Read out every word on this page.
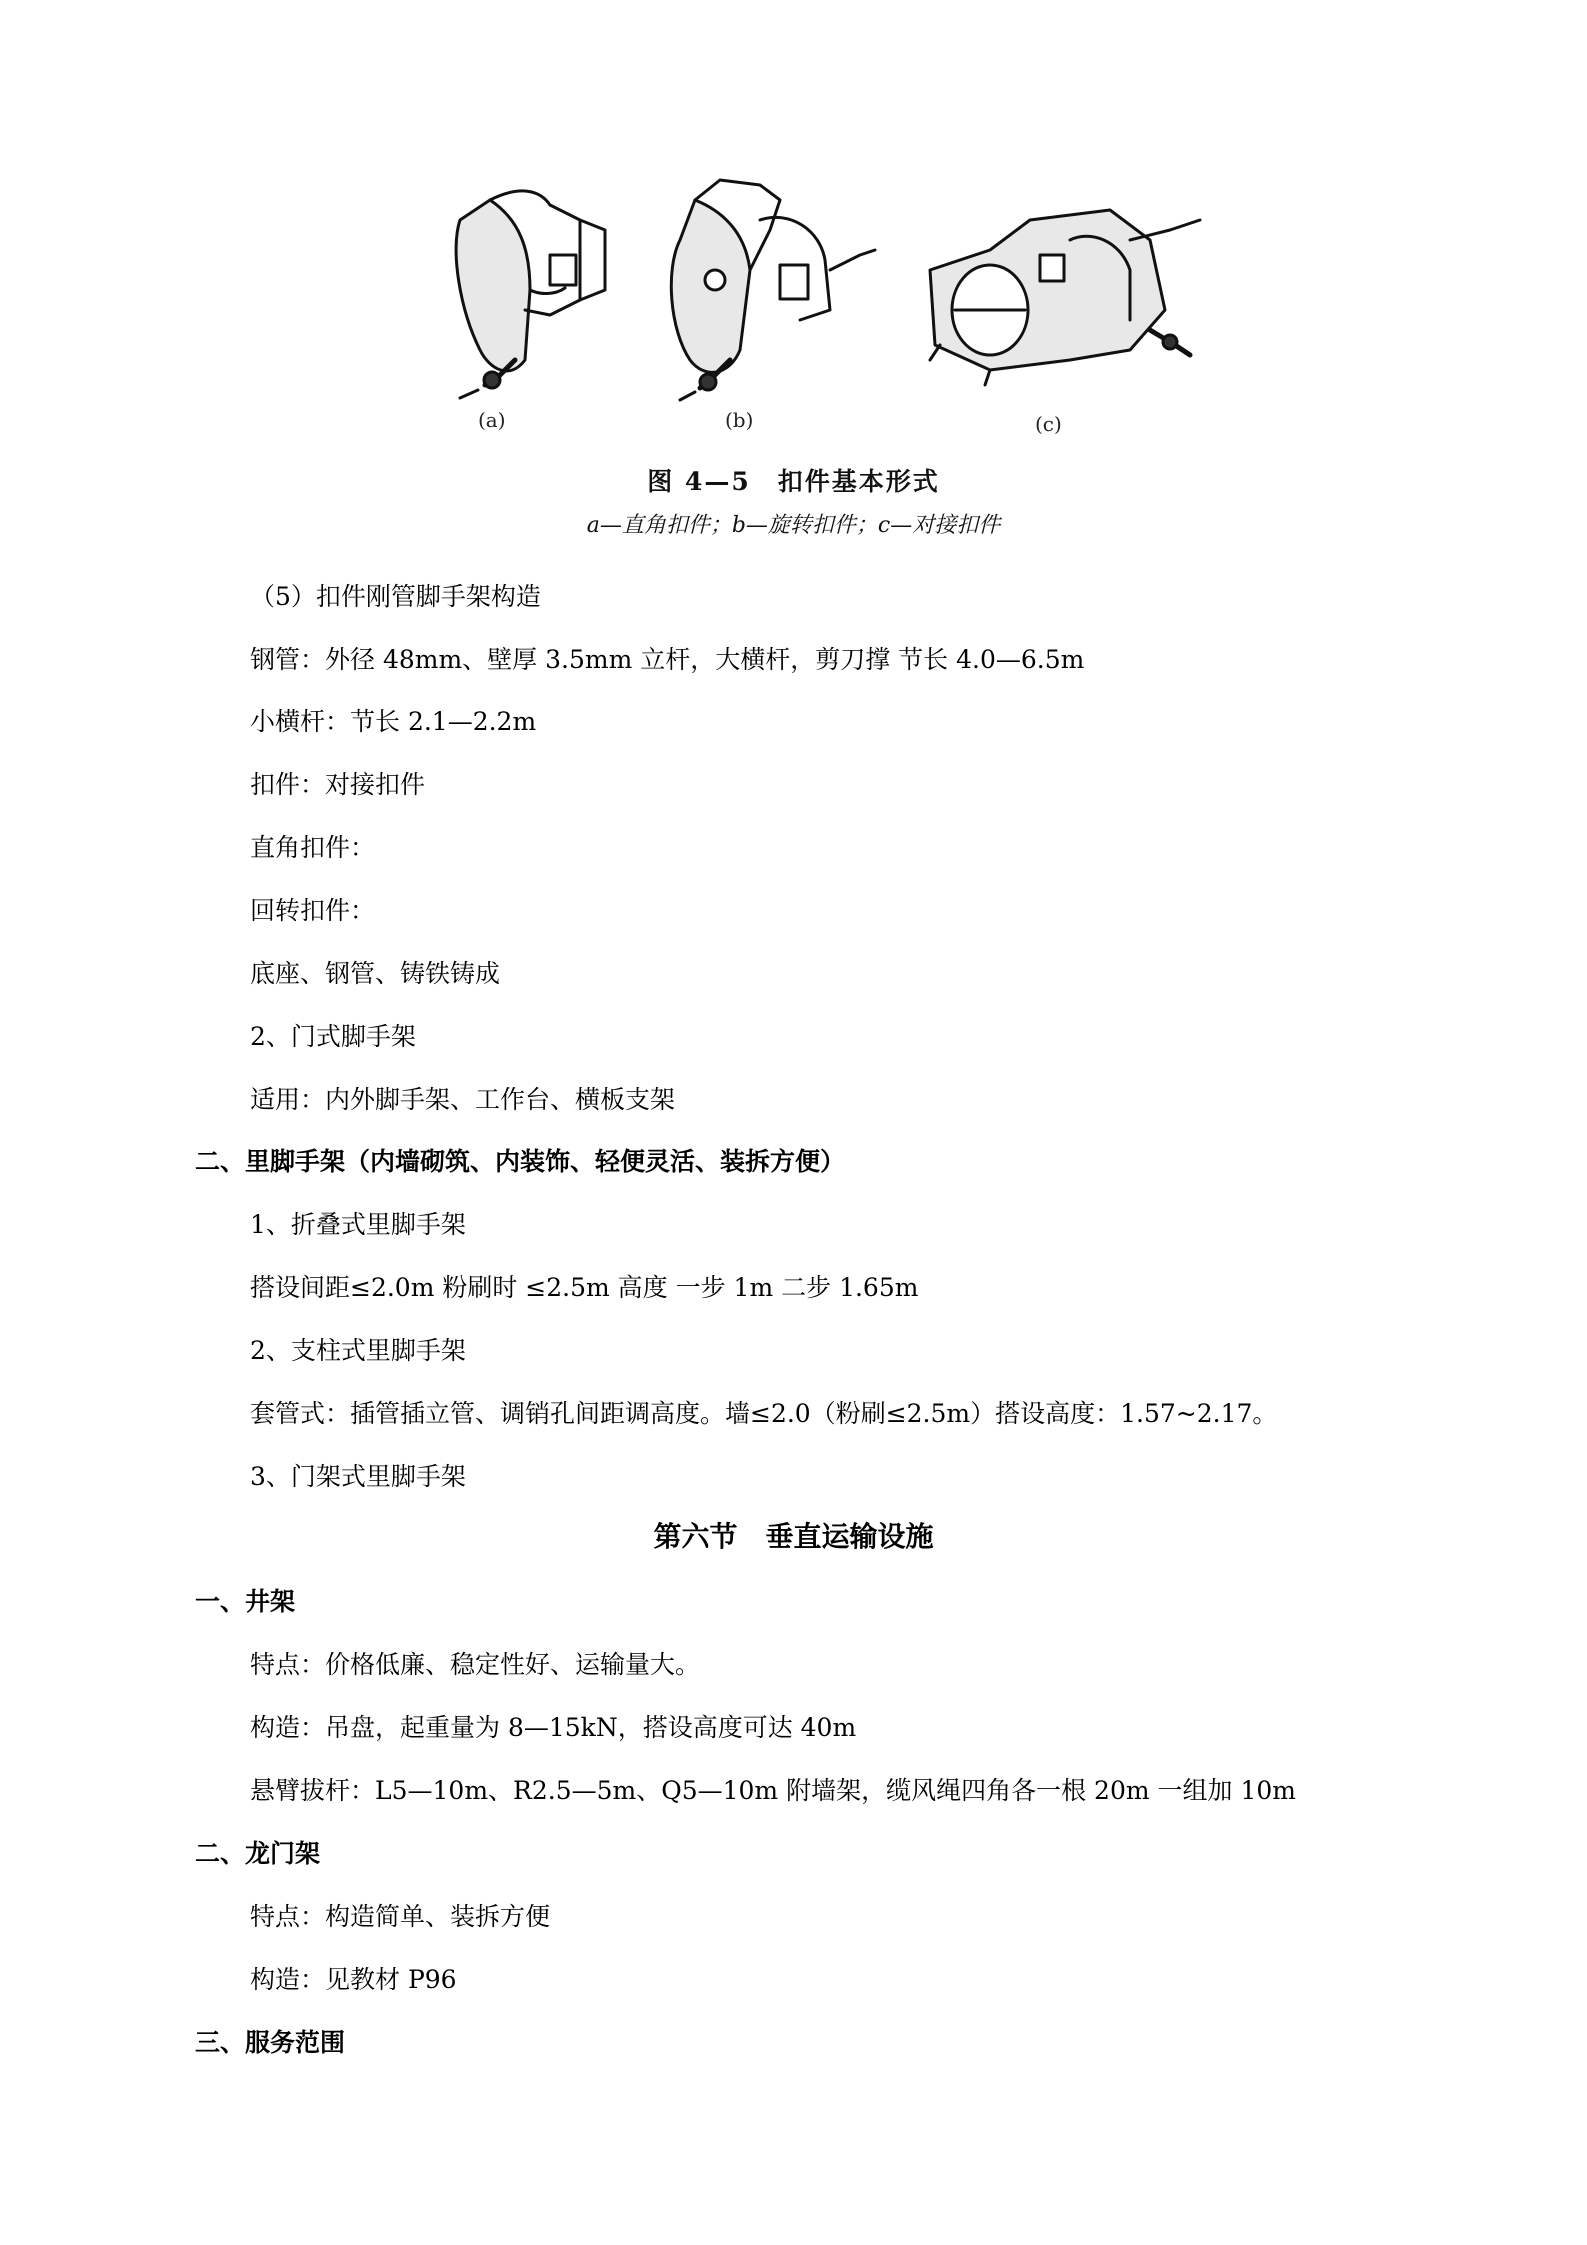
(a)	(b)	(c)
图 4—5　扣件基本形式
a—直角扣件；b—旋转扣件；c—对接扣件
（5）扣件刚管脚手架构造
钢管：外径 48mm、壁厚 3.5mm 立杆，大横杆，剪刀撑 节长 4.0—6.5m
小横杆：节长 2.1—2.2m
扣件：对接扣件
直角扣件：
回转扣件：
底座、钢管、铸铁铸成
2、门式脚手架
适用：内外脚手架、工作台、横板支架
二、里脚手架（内墙砌筑、内装饰、轻便灵活、装拆方便）
1、折叠式里脚手架
搭设间距≤2.0m 粉刷时 ≤2.5m 高度 一步 1m 二步 1.65m
2、支柱式里脚手架
套管式：插管插立管、调销孔间距调高度。墙≤2.0（粉刷≤2.5m）搭设高度：1.57~2.17。
3、门架式里脚手架
第六节　垂直运输设施
一、井架
特点：价格低廉、稳定性好、运输量大。
构造：吊盘，起重量为 8—15kN，搭设高度可达 40m
悬臂拔杆：L5—10m、R2.5—5m、Q5—10m 附墙架，缆风绳四角各一根 20m 一组加 10m
二、龙门架
特点：构造简单、装拆方便
构造：见教材 P96
三、服务范围
